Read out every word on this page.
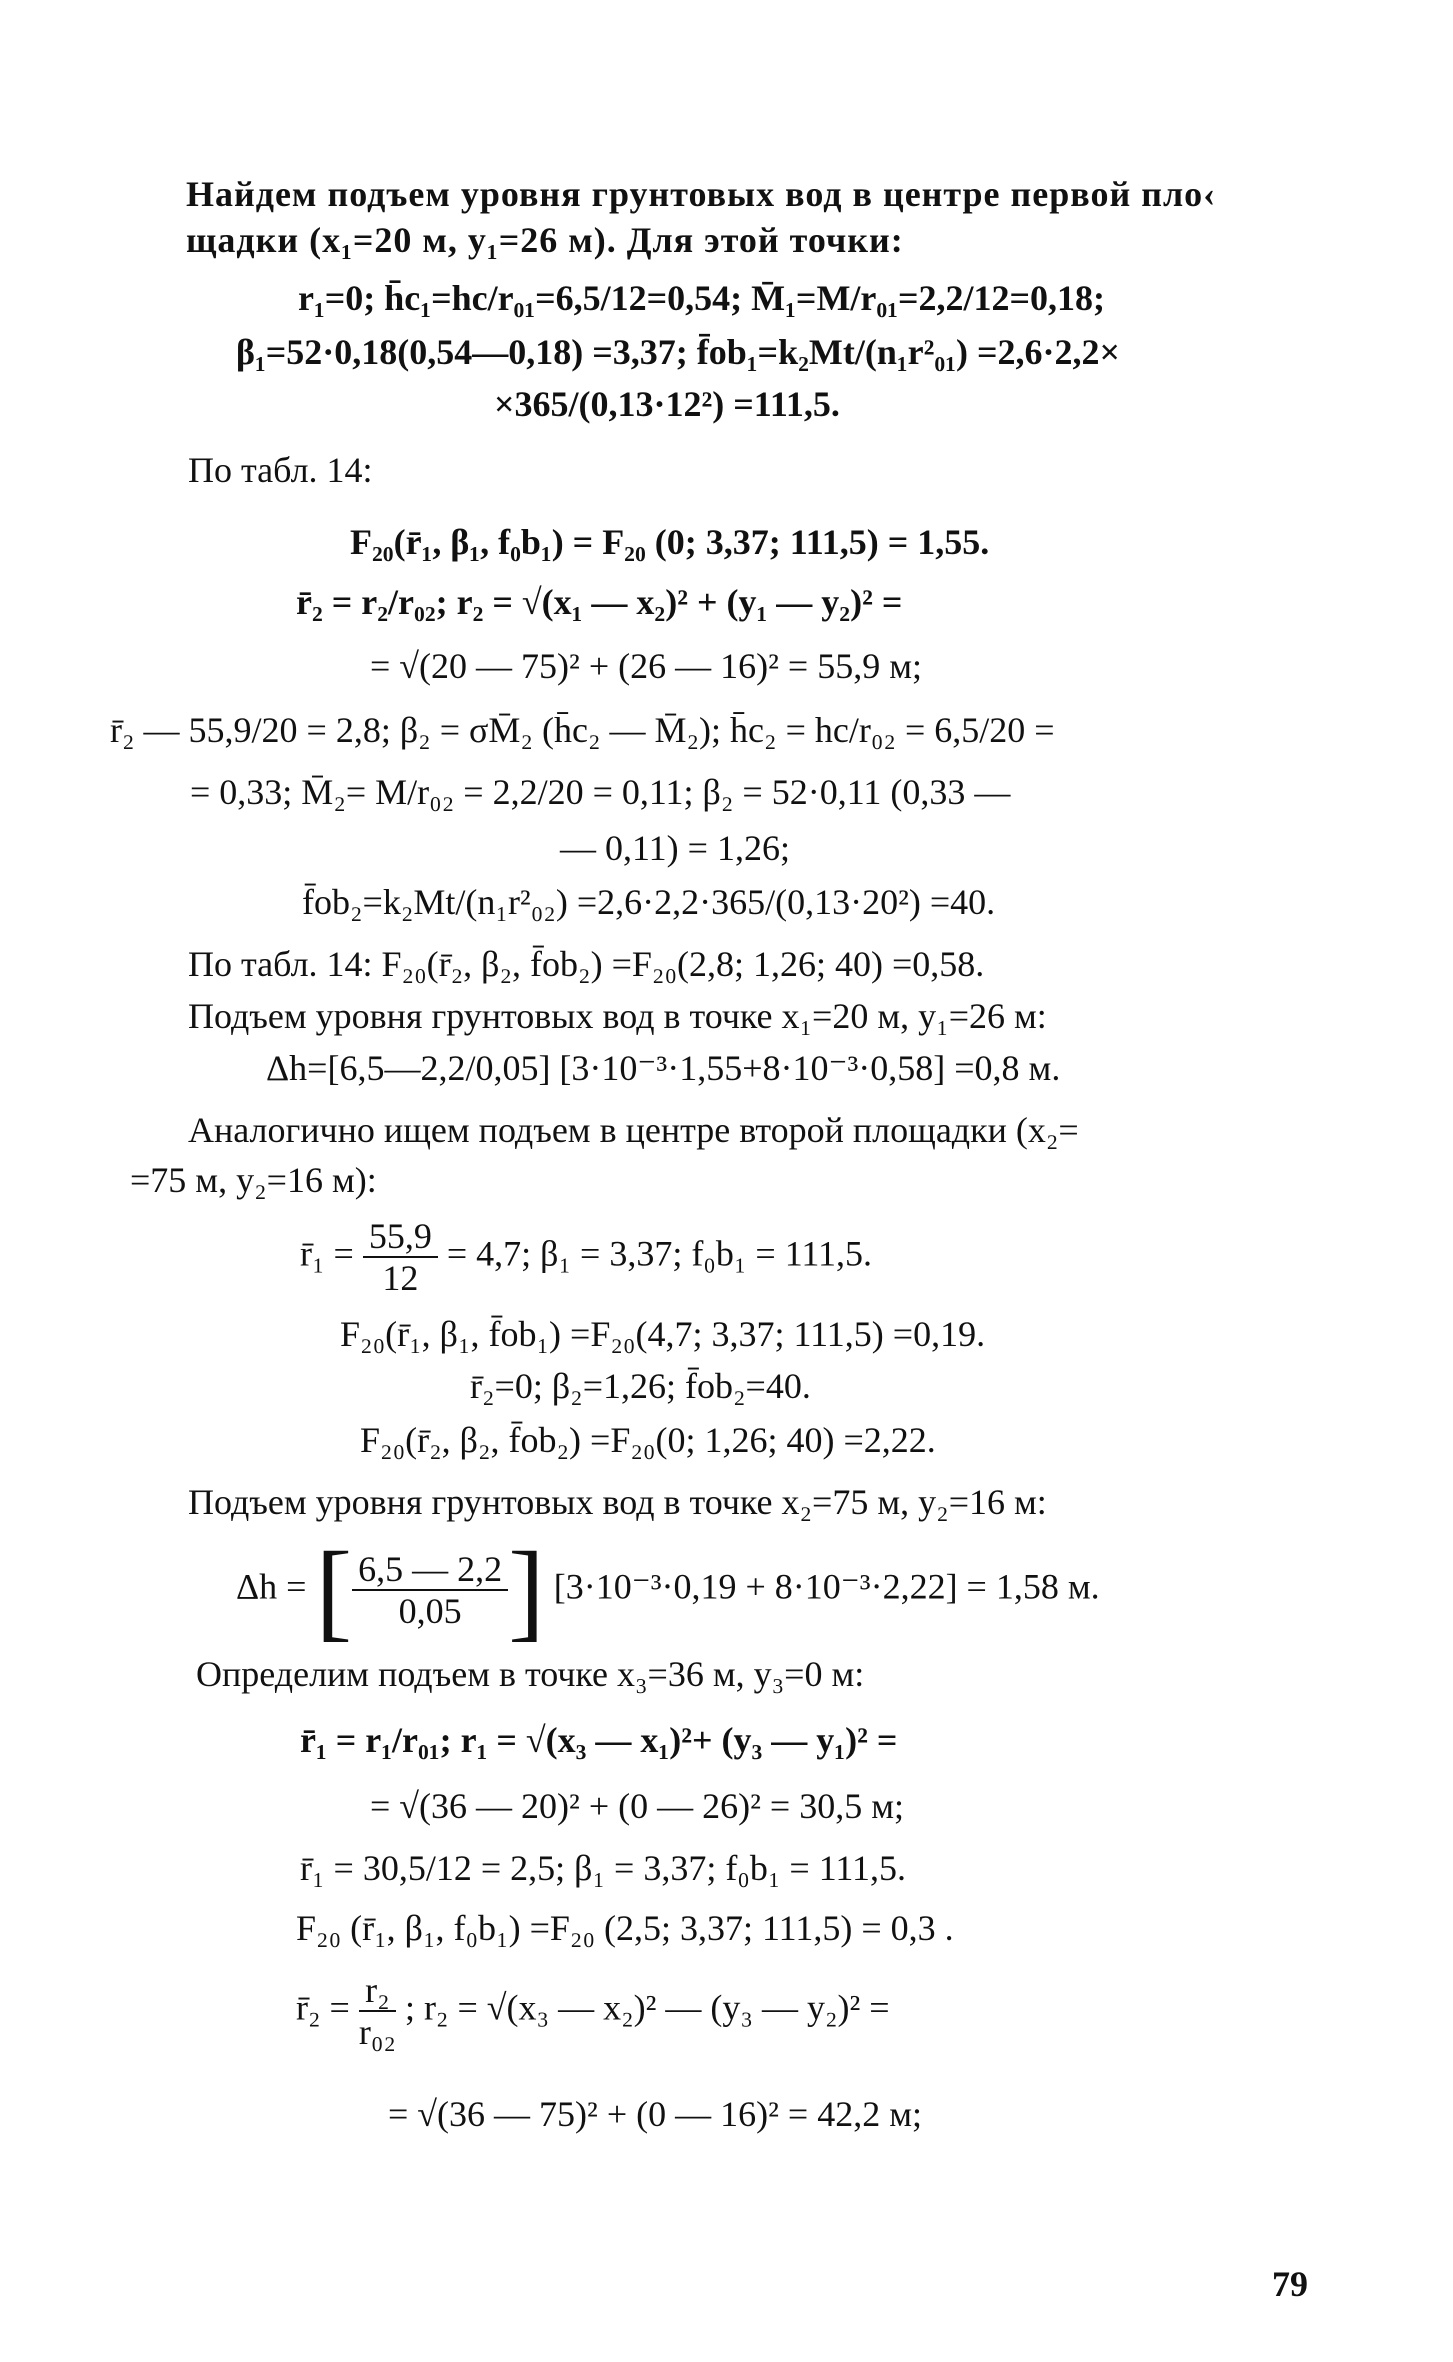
Найдем подъем уровня грунтовых вод в центре первой пло‹
щадки (x₁=20 м, y₁=26 м). Для этой точки:
r₁=0; h̄c₁=hc/r₀₁=6,5/12=0,54; M̄₁=M/r₀₁=2,2/12=0,18;
β₁=52·0,18(0,54—0,18) =3,37; f̄ob₁=k₂Mt/(n₁r²₀₁) =2,6·2,2×
×365/(0,13·12²) =111,5.
По табл. 14:
F₂₀(r̄₁, β₁, f₀b₁) = F₂₀ (0; 3,37; 111,5) = 1,55.
r̄₂ = r₂/r₀₂; r₂ = √(x₁ — x₂)² + (y₁ — y₂)² =
= √(20 — 75)² + (26 — 16)² = 55,9 м;
r̄₂ — 55,9/20 = 2,8; β₂ = σM̄₂ (h̄c₂ — M̄₂); h̄c₂ = hc/r₀₂ = 6,5/20 =
= 0,33; M̄₂= M/r₀₂ = 2,2/20 = 0,11; β₂ = 52·0,11 (0,33 —
— 0,11) = 1,26;
f̄ob₂=k₂Mt/(n₁r²₀₂) =2,6·2,2·365/(0,13·20²) =40.
По табл. 14: F₂₀(r̄₂, β₂, f̄ob₂) =F₂₀(2,8; 1,26; 40) =0,58.
Подъем уровня грунтовых вод в точке x₁=20 м, y₁=26 м:
Δh=[6,5—2,2/0,05] [3·10⁻³·1,55+8·10⁻³·0,58] =0,8 м.
Аналогично ищем подъем в центре второй площадки (x₂=
=75 м, y₂=16 м):
r̄₁ = $\frac{55,9}{12} = 4,7$; β₁ = 3,37; f₀b₁ = 111,5.
F₂₀(r̄₁, β₁, f̄ob₁) =F₂₀(4,7; 3,37; 111,5) =0,19.
r̄₂=0; β₂=1,26; f̄ob₂=40.
F₂₀(r̄₂, β₂, f̄ob₂) =F₂₀(0; 1,26; 40) =2,22.
Подъем уровня грунтовых вод в точке x₂=75 м, y₂=16 м:
Δh = [ $\frac{6,5 — 2,2}{0,05}$ ] [3·10⁻³·0,19 + 8·10⁻³·2,22] = 1,58 м.
Определим подъем в точке x₃=36 м, y₃=0 м:
r̄₁ = r₁/r₀₁; r₁ = √(x₃ — x₁)²+ (y₃ — y₁)² =
= √(36 — 20)² + (0 — 26)² = 30,5 м;
r̄₁ = 30,5/12 = 2,5; β₁ = 3,37; f₀b₁ = 111,5.
F₂₀ (r̄₁, β₁, f₀b₁) =F₂₀ (2,5; 3,37; 111,5) = 0,3 .
r̄₂ = $\frac{\text{r₂}}{\text{r₀₂}}$ ; r₂ = √(x₃ — x₂)² — (y₃ — y₂)² =
= √(36 — 75)² + (0 — 16)² = 42,2 м;
79
